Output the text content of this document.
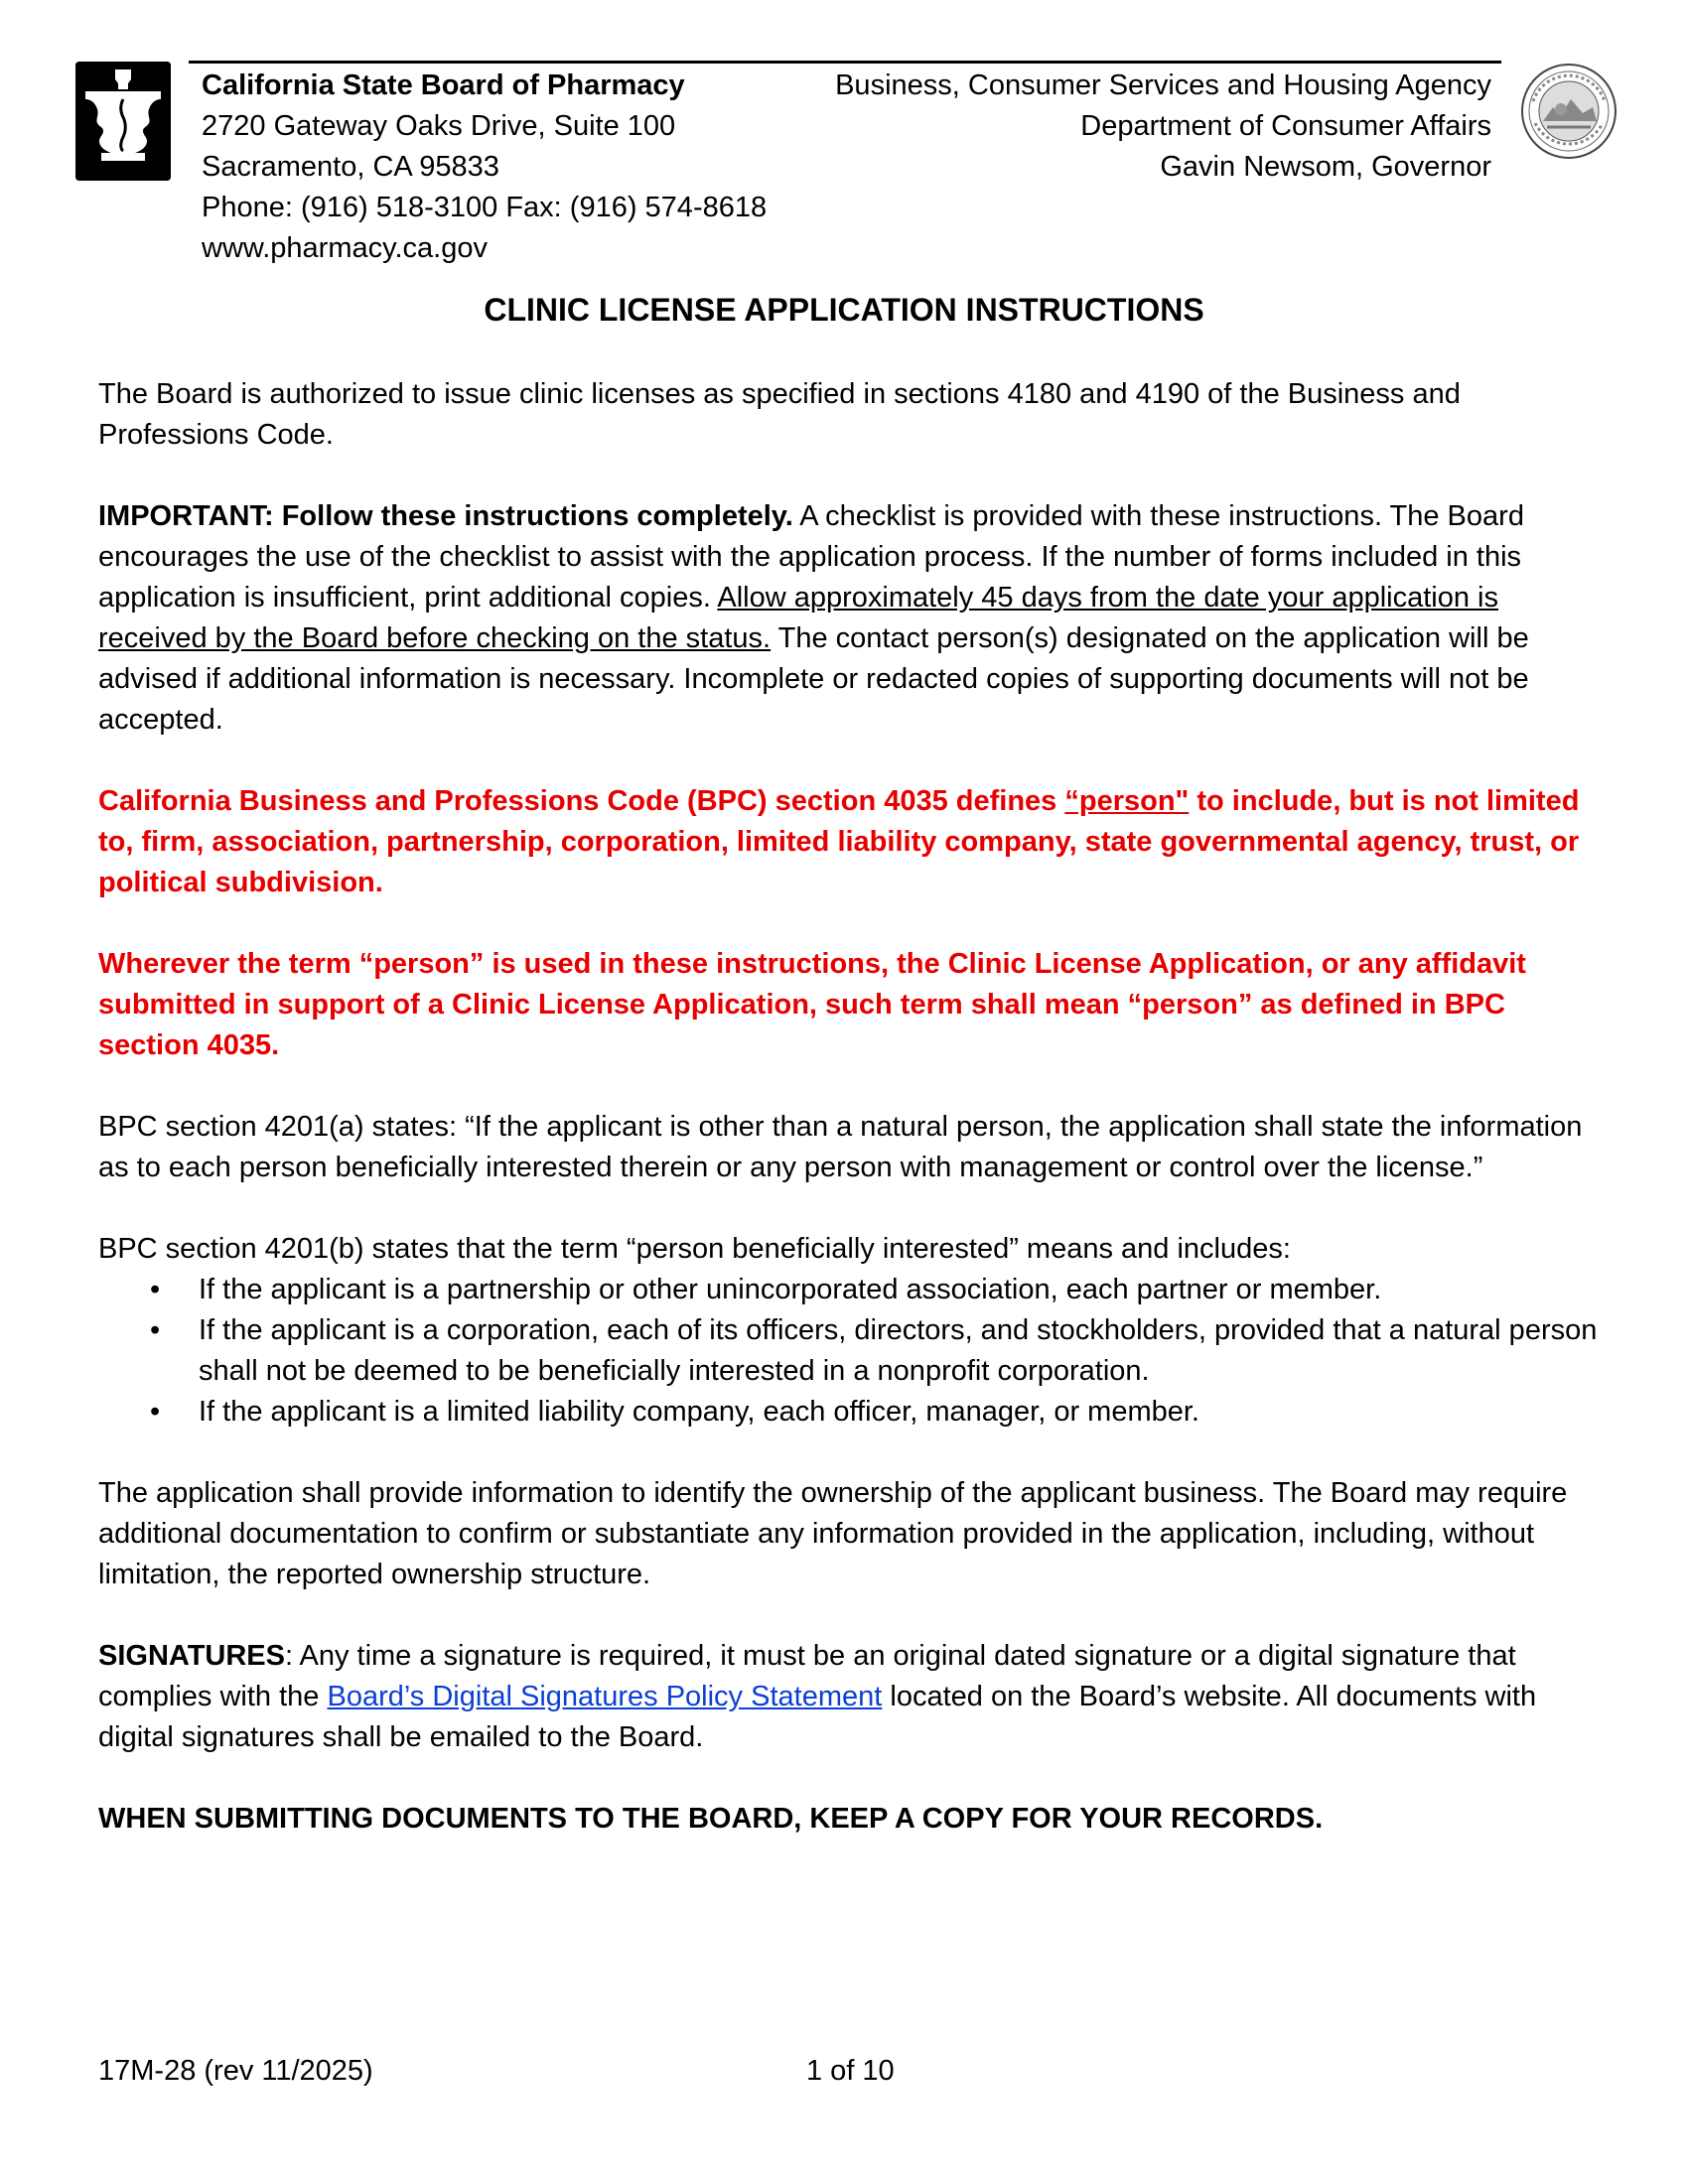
California State Board of Pharmacy
2720 Gateway Oaks Drive, Suite 100
Sacramento, CA 95833
Phone: (916) 518-3100 Fax: (916) 574-8618
www.pharmacy.ca.gov
Business, Consumer Services and Housing Agency
Department of Consumer Affairs
Gavin Newsom, Governor
CLINIC LICENSE APPLICATION INSTRUCTIONS

The Board is authorized to issue clinic licenses as specified in sections 4180 and 4190 of the Business and Professions Code.

IMPORTANT: Follow these instructions completely. A checklist is provided with these instructions. The Board encourages the use of the checklist to assist with the application process. If the number of forms included in this application is insufficient, print additional copies. Allow approximately 45 days from the date your application is received by the Board before checking on the status. The contact person(s) designated on the application will be advised if additional information is necessary. Incomplete or redacted copies of supporting documents will not be accepted.

California Business and Professions Code (BPC) section 4035 defines “person" to include, but is not limited to, firm, association, partnership, corporation, limited liability company, state governmental agency, trust, or political subdivision.

Wherever the term “person” is used in these instructions, the Clinic License Application, or any affidavit submitted in support of a Clinic License Application, such term shall mean “person” as defined in BPC section 4035.

BPC section 4201(a) states: “If the applicant is other than a natural person, the application shall state the information as to each person beneficially interested therein or any person with management or control over the license.”

BPC section 4201(b) states that the term “person beneficially interested” means and includes:
• If the applicant is a partnership or other unincorporated association, each partner or member.
• If the applicant is a corporation, each of its officers, directors, and stockholders, provided that a natural person shall not be deemed to be beneficially interested in a nonprofit corporation.
• If the applicant is a limited liability company, each officer, manager, or member.

The application shall provide information to identify the ownership of the applicant business. The Board may require additional documentation to confirm or substantiate any information provided in the application, including, without limitation, the reported ownership structure.

SIGNATURES: Any time a signature is required, it must be an original dated signature or a digital signature that complies with the Board’s Digital Signatures Policy Statement located on the Board’s website. All documents with digital signatures shall be emailed to the Board.

WHEN SUBMITTING DOCUMENTS TO THE BOARD, KEEP A COPY FOR YOUR RECORDS.

17M-28 (rev 11/2025)	1 of 10
